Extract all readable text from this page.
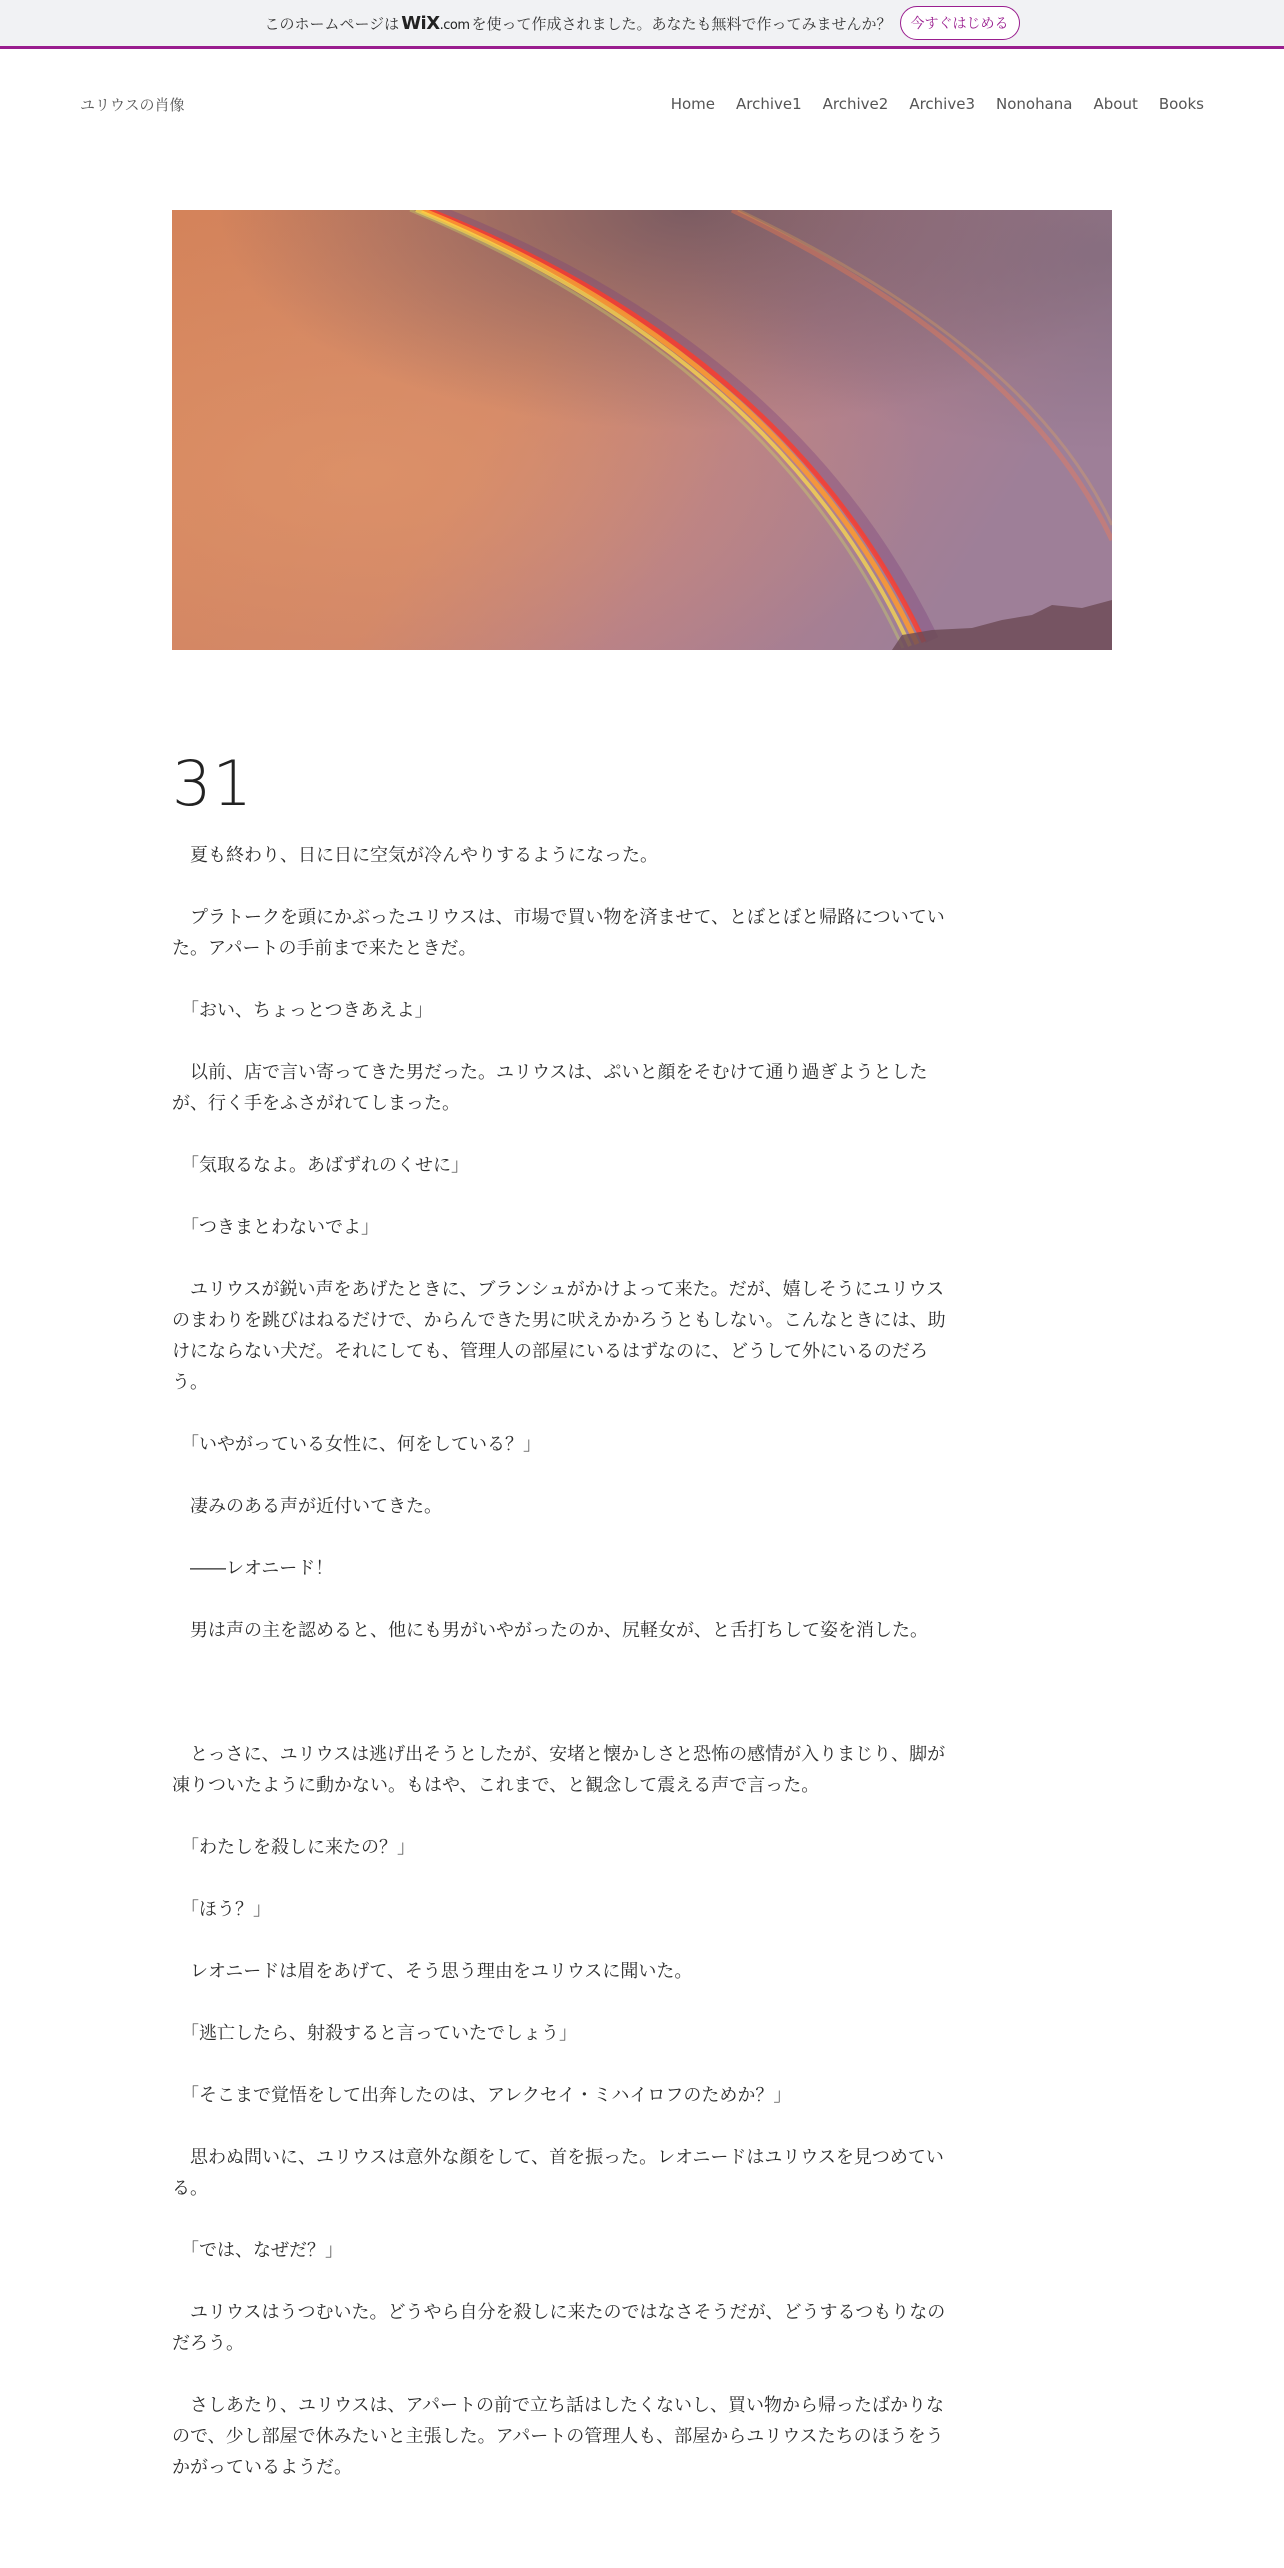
このホームページは WiX.com を使って作成されました。あなたも無料で作ってみませんか？	今すぐはじめる
ユリウスの肖像	Home Archive1 Archive2 Archive3 Nonohana About Books
31

　夏も終わり、日に日に空気が冷んやりするようになった。

　プラトークを頭にかぶったユリウスは、市場で買い物を済ませて、とぼとぼと帰路についていた。アパートの手前まで来たときだ。

　「おい、ちょっとつきあえよ」

　以前、店で言い寄ってきた男だった。ユリウスは、ぷいと顔をそむけて通り過ぎようとしたが、行く手をふさがれてしまった。

　「気取るなよ。あばずれのくせに」

　「つきまとわないでよ」

　ユリウスが鋭い声をあげたときに、ブランシュがかけよって来た。だが、嬉しそうにユリウスのまわりを跳びはねるだけで、からんできた男に吠えかかろうともしない。こんなときには、助けにならない犬だ。それにしても、管理人の部屋にいるはずなのに、どうして外にいるのだろう。

　「いやがっている女性に、何をしている？」

　凄みのある声が近付いてきた。

　――レオニード！

　男は声の主を認めると、他にも男がいやがったのか、尻軽女が、と舌打ちして姿を消した。

　とっさに、ユリウスは逃げ出そうとしたが、安堵と懐かしさと恐怖の感情が入りまじり、脚が凍りついたように動かない。もはや、これまで、と観念して震える声で言った。

　「わたしを殺しに来たの？」

　「ほう？」

　レオニードは眉をあげて、そう思う理由をユリウスに聞いた。

　「逃亡したら、射殺すると言っていたでしょう」

　「そこまで覚悟をして出奔したのは、アレクセイ・ミハイロフのためか？」

　思わぬ問いに、ユリウスは意外な顔をして、首を振った。レオニードはユリウスを見つめている。

　「では、なぜだ？」

　ユリウスはうつむいた。どうやら自分を殺しに来たのではなさそうだが、どうするつもりなのだろう。

　さしあたり、ユリウスは、アパートの前で立ち話はしたくないし、買い物から帰ったばかりなので、少し部屋で休みたいと主張した。アパートの管理人も、部屋からユリウスたちのほうをうかがっているようだ。
